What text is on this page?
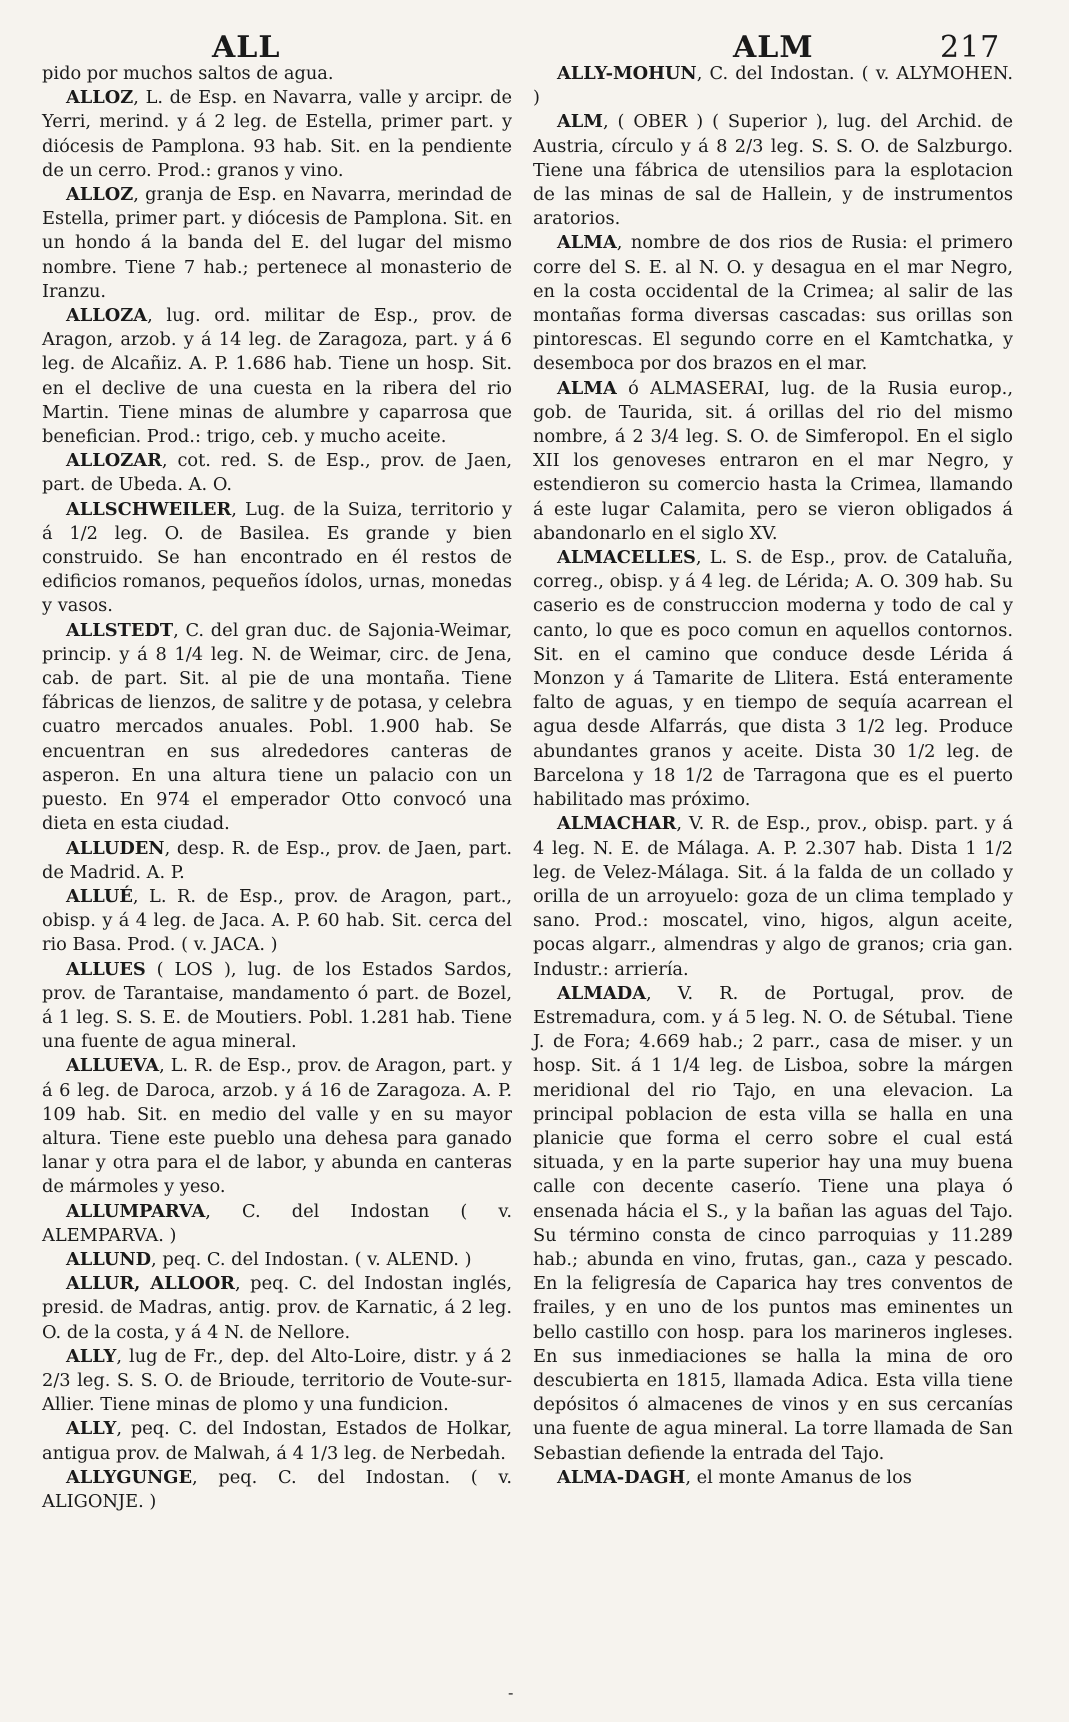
ALL	ALM	217

pido por muchos saltos de agua.

ALLOZ, L. de Esp. en Navarra, valle y arcipr. de Yerri, merind. y á 2 leg. de Estella, primer part. y diócesis de Pamplona. 93 hab. Sit. en la pendiente de un cerro. Prod.: granos y vino.

ALLOZ, granja de Esp. en Navarra, merindad de Estella, primer part. y diócesis de Pamplona. Sit. en un hondo á la banda del E. del lugar del mismo nombre. Tiene 7 hab.; pertenece al monasterio de Iranzu.

ALLOZA, lug. ord. militar de Esp., prov. de Aragon, arzob. y á 14 leg. de Zaragoza, part. y á 6 leg. de Alcañiz. A. P. 1.686 hab. Tiene un hosp. Sit. en el declive de una cuesta en la ribera del rio Martin. Tiene minas de alumbre y caparrosa que benefician. Prod.: trigo, ceb. y mucho aceite.

ALLOZAR, cot. red. S. de Esp., prov. de Jaen, part. de Ubeda. A. O.

ALLSCHWEILER, Lug. de la Suiza, territorio y á 1/2 leg. O. de Basilea. Es grande y bien construido. Se han encontrado en él restos de edificios romanos, pequeños ídolos, urnas, monedas y vasos.

ALLSTEDT, C. del gran duc. de Sajonia-Weimar, princip. y á 8 1/4 leg. N. de Weimar, circ. de Jena, cab. de part. Sit. al pie de una montaña. Tiene fábricas de lienzos, de salitre y de potasa, y celebra cuatro mercados anuales. Pobl. 1.900 hab. Se encuentran en sus alrededores canteras de asperon. En una altura tiene un palacio con un puesto. En 974 el emperador Otto convocó una dieta en esta ciudad.

ALLUDEN, desp. R. de Esp., prov. de Jaen, part. de Madrid. A. P.

ALLUÉ, L. R. de Esp., prov. de Aragon, part., obisp. y á 4 leg. de Jaca. A. P. 60 hab. Sit. cerca del rio Basa. Prod. ( v. JACA. )

ALLUES ( LOS ), lug. de los Estados Sardos, prov. de Tarantaise, mandamento ó part. de Bozel, á 1 leg. S. S. E. de Moutiers. Pobl. 1.281 hab. Tiene una fuente de agua mineral.

ALLUEVA, L. R. de Esp., prov. de Aragon, part. y á 6 leg. de Daroca, arzob. y á 16 de Zaragoza. A. P. 109 hab. Sit. en medio del valle y en su mayor altura. Tiene este pueblo una dehesa para ganado lanar y otra para el de labor, y abunda en canteras de mármoles y yeso.

ALLUMPARVA, C. del Indostan ( v. ALEMPARVA. )

ALLUND, peq. C. del Indostan. ( v. ALEND. )

ALLUR, ALLOOR, peq. C. del Indostan inglés, presid. de Madras, antig. prov. de Karnatic, á 2 leg. O. de la costa, y á 4 N. de Nellore.

ALLY, lug de Fr., dep. del Alto-Loire, distr. y á 2 2/3 leg. S. S. O. de Brioude, territorio de Voute-sur-Allier. Tiene minas de plomo y una fundicion.

ALLY, peq. C. del Indostan, Estados de Holkar, antigua prov. de Malwah, á 4 1/3 leg. de Nerbedah.

ALLYGUNGE, peq. C. del Indostan. ( v. ALIGONJE. )

ALLY-MOHUN, C. del Indostan. ( v. ALYMOHEN. )

ALM, ( OBER ) ( Superior ), lug. del Archid. de Austria, círculo y á 8 2/3 leg. S. S. O. de Salzburgo. Tiene una fábrica de utensilios para la esplotacion de las minas de sal de Hallein, y de instrumentos aratorios.

ALMA, nombre de dos rios de Rusia: el primero corre del S. E. al N. O. y desagua en el mar Negro, en la costa occidental de la Crimea; al salir de las montañas forma diversas cascadas: sus orillas son pintorescas. El segundo corre en el Kamtchatka, y desemboca por dos brazos en el mar.

ALMA ó ALMASERAI, lug. de la Rusia europ., gob. de Taurida, sit. á orillas del rio del mismo nombre, á 2 3/4 leg. S. O. de Simferopol. En el siglo XII los genoveses entraron en el mar Negro, y estendieron su comercio hasta la Crimea, llamando á este lugar Calamita, pero se vieron obligados á abandonarlo en el siglo XV.

ALMACELLES, L. S. de Esp., prov. de Cataluña, correg., obisp. y á 4 leg. de Lérida; A. O. 309 hab. Su caserio es de construccion moderna y todo de cal y canto, lo que es poco comun en aquellos contornos. Sit. en el camino que conduce desde Lérida á Monzon y á Tamarite de Llitera. Está enteramente falto de aguas, y en tiempo de sequía acarrean el agua desde Alfarrás, que dista 3 1/2 leg. Produce abundantes granos y aceite. Dista 30 1/2 leg. de Barcelona y 18 1/2 de Tarragona que es el puerto habilitado mas próximo.

ALMACHAR, V. R. de Esp., prov., obisp. part. y á 4 leg. N. E. de Málaga. A. P. 2.307 hab. Dista 1 1/2 leg. de Velez-Málaga. Sit. á la falda de un collado y orilla de un arroyuelo: goza de un clima templado y sano. Prod.: moscatel, vino, higos, algun aceite, pocas algarr., almendras y algo de granos; cria gan. Industr.: arriería.

ALMADA, V. R. de Portugal, prov. de Estremadura, com. y á 5 leg. N. O. de Sétubal. Tiene J. de Fora; 4.669 hab.; 2 parr., casa de miser. y un hosp. Sit. á 1 1/4 leg. de Lisboa, sobre la márgen meridional del rio Tajo, en una elevacion. La principal poblacion de esta villa se halla en una planicie que forma el cerro sobre el cual está situada, y en la parte superior hay una muy buena calle con decente caserío. Tiene una playa ó ensenada hácia el S., y la bañan las aguas del Tajo. Su término consta de cinco parroquias y 11.289 hab.; abunda en vino, frutas, gan., caza y pescado. En la feligresía de Caparica hay tres conventos de frailes, y en uno de los puntos mas eminentes un bello castillo con hosp. para los marineros ingleses. En sus inmediaciones se halla la mina de oro descubierta en 1815, llamada Adica. Esta villa tiene depósitos ó almacenes de vinos y en sus cercanías una fuente de agua mineral. La torre llamada de San Sebastian defiende la entrada del Tajo.

ALMA-DAGH, el monte Amanus de los

-
